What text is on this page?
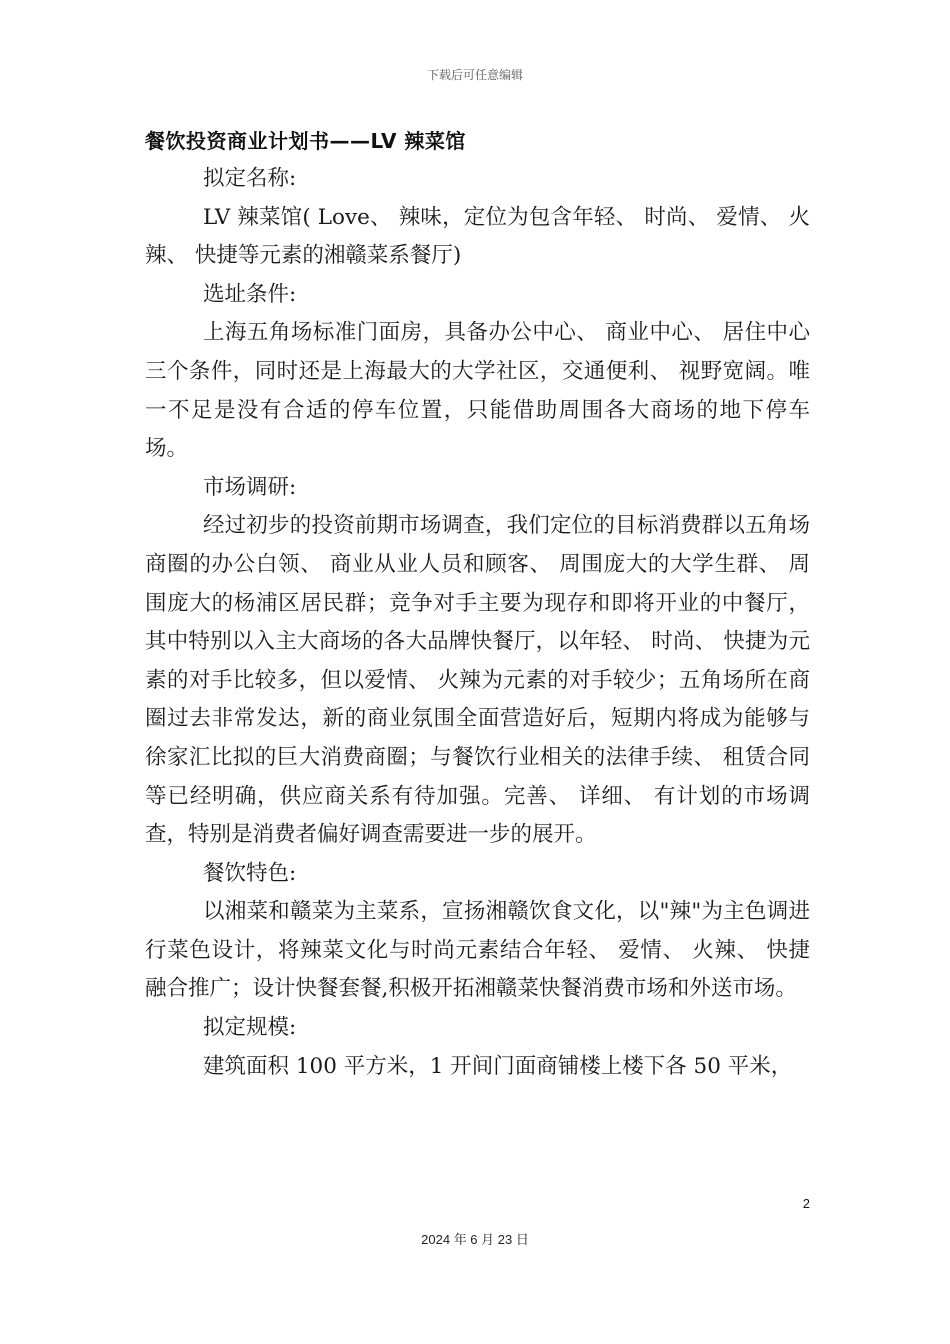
下载后可任意编辑
餐饮投资商业计划书——LV 辣菜馆

拟定名称:

LV 辣菜馆( Love、 辣味，定位为包含年轻、 时尚、 爱情、 火辣、 快捷等元素的湘赣菜系餐厅)

选址条件:

上海五角场标准门面房，具备办公中心、 商业中心、 居住中心三个条件，同时还是上海最大的大学社区，交通便利、 视野宽阔。唯一不足是没有合适的停车位置，只能借助周围各大商场的地下停车场。

市场调研:

经过初步的投资前期市场调查，我们定位的目标消费群以五角场商圈的办公白领、 商业从业人员和顾客、 周围庞大的大学生群、 周围庞大的杨浦区居民群；竞争对手主要为现存和即将开业的中餐厅，其中特别以入主大商场的各大品牌快餐厅，以年轻、 时尚、 快捷为元素的对手比较多，但以爱情、 火辣为元素的对手较少；五角场所在商圈过去非常发达，新的商业氛围全面营造好后，短期内将成为能够与徐家汇比拟的巨大消费商圈；与餐饮行业相关的法律手续、 租赁合同等已经明确，供应商关系有待加强。完善、 详细、 有计划的市场调查，特别是消费者偏好调查需要进一步的展开。

餐饮特色:

以湘菜和赣菜为主菜系，宣扬湘赣饮食文化，以"辣"为主色调进行菜色设计，将辣菜文化与时尚元素结合年轻、 爱情、 火辣、 快捷融合推广；设计快餐套餐,积极开拓湘赣菜快餐消费市场和外送市场。

拟定规模:

建筑面积 100 平方米，1 开间门面商铺楼上楼下各 50 平米，

2
2024 年 6 月 23 日
